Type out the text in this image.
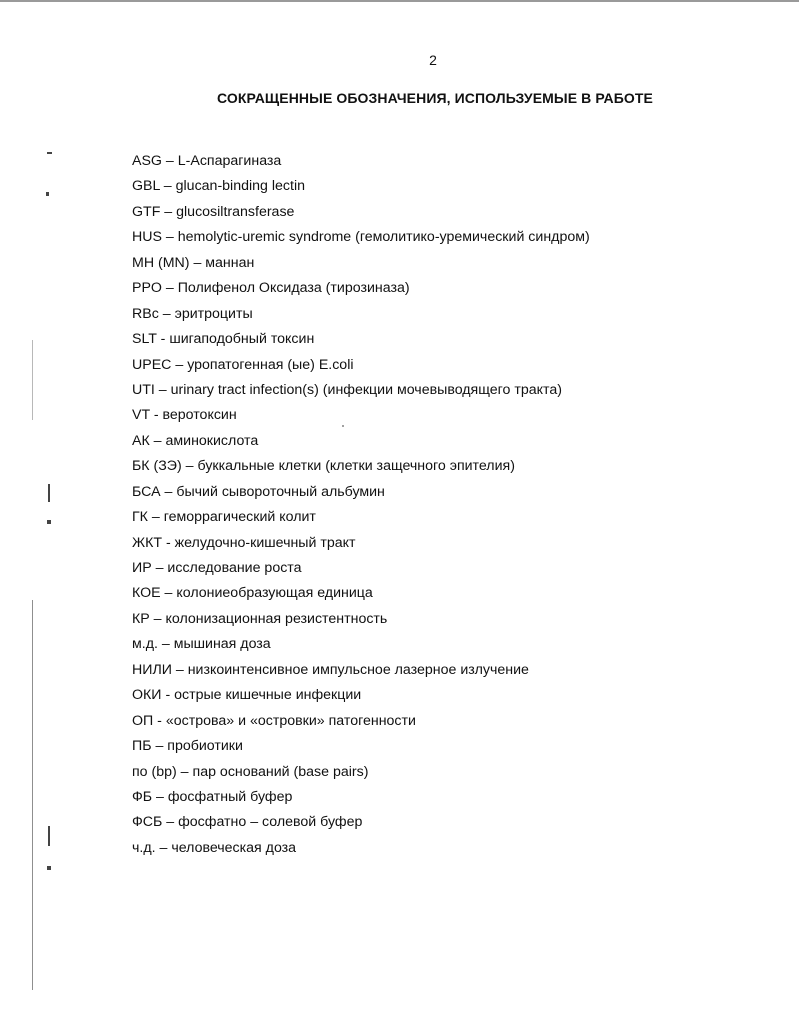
2
СОКРАЩЕННЫЕ ОБОЗНАЧЕНИЯ, ИСПОЛЬЗУЕМЫЕ В РАБОТЕ
ASG – L-Аспарагиназа
GBL – glucan-binding lectin
GTF – glucosiltransferase
HUS – hemolytic-uremic syndrome (гемолитико-уремический синдром)
MH (MN) – маннан
PPO – Полифенол Оксидаза (тирозиназа)
RBc – эритроциты
SLT - шигаподобный токсин
UPEC – уропатогенная (ые) E.coli
UTI – urinary tract infection(s) (инфекции мочевыводящего тракта)
VT - веротоксин
АК – аминокислота
БК (ЗЭ) – буккальные клетки (клетки защечного эпителия)
БСА – бычий сывороточный альбумин
ГК – геморрагический колит
ЖКТ - желудочно-кишечный тракт
ИР – исследование роста
КОЕ – колониеобразующая единица
КР – колонизационная резистентность
м.д. – мышиная доза
НИЛИ – низкоинтенсивное импульсное лазерное излучение
ОКИ - острые кишечные инфекции
ОП - «острова» и «островки» патогенности
ПБ – пробиотики
по (bp) – пар оснований (base pairs)
ФБ – фосфатный буфер
ФСБ – фосфатно – солевой буфер
ч.д. – человеческая доза
